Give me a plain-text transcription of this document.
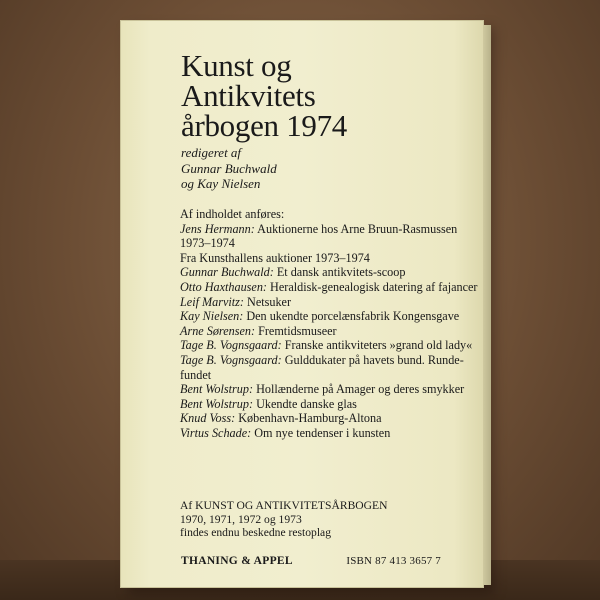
Kunst og
Antikvitets
årbogen 1974
redigeret af
Gunnar Buchwald
og Kay Nielsen
Af indholdet anføres:
Jens Hermann: Auktionerne hos Arne Bruun-Rasmussen 1973–1974
Fra Kunsthallens auktioner 1973–1974
Gunnar Buchwald: Et dansk antikvitets-scoop
Otto Haxthausen: Heraldisk-genealogisk datering af fajancer
Leif Marvitz: Netsuker
Kay Nielsen: Den ukendte porcelænsfabrik Kongensgave
Arne Sørensen: Fremtidsmuseer
Tage B. Vognsgaard: Franske antikviteters »grand old lady«
Tage B. Vognsgaard: Gulddukater på havets bund. Runde-fundet
Bent Wolstrup: Hollænderne på Amager og deres smykker
Bent Wolstrup: Ukendte danske glas
Knud Voss: København-Hamburg-Altona
Virtus Schade: Om nye tendenser i kunsten
Af KUNST OG ANTIKVITETSÅRBOGEN
1970, 1971, 1972 og 1973
findes endnu beskedne restoplag
THANING & APPEL	ISBN 87 413 3657 7
